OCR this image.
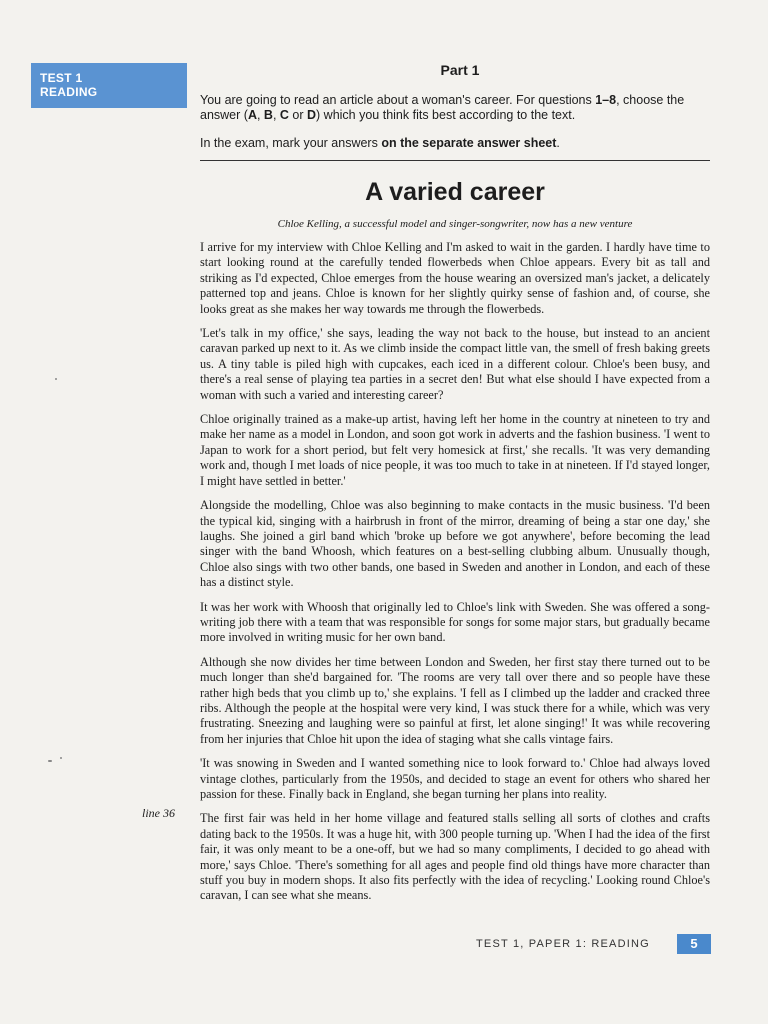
TEST 1
READING
Part 1
You are going to read an article about a woman's career. For questions 1–8, choose the answer (A, B, C or D) which you think fits best according to the text.
In the exam, mark your answers on the separate answer sheet.
A varied career
Chloe Kelling, a successful model and singer-songwriter, now has a new venture

I arrive for my interview with Chloe Kelling and I'm asked to wait in the garden. I hardly have time to start looking round at the carefully tended flowerbeds when Chloe appears. Every bit as tall and striking as I'd expected, Chloe emerges from the house wearing an oversized man's jacket, a delicately patterned top and jeans. Chloe is known for her slightly quirky sense of fashion and, of course, she looks great as she makes her way towards me through the flowerbeds.

'Let's talk in my office,' she says, leading the way not back to the house, but instead to an ancient caravan parked up next to it. As we climb inside the compact little van, the smell of fresh baking greets us. A tiny table is piled high with cupcakes, each iced in a different colour. Chloe's been busy, and there's a real sense of playing tea parties in a secret den! But what else should I have expected from a woman with such a varied and interesting career?

Chloe originally trained as a make-up artist, having left her home in the country at nineteen to try and make her name as a model in London, and soon got work in adverts and the fashion business. 'I went to Japan to work for a short period, but felt very homesick at first,' she recalls. 'It was very demanding work and, though I met loads of nice people, it was too much to take in at nineteen. If I'd stayed longer, I might have settled in better.'

Alongside the modelling, Chloe was also beginning to make contacts in the music business. 'I'd been the typical kid, singing with a hairbrush in front of the mirror, dreaming of being a star one day,' she laughs. She joined a girl band which 'broke up before we got anywhere', before becoming the lead singer with the band Whoosh, which features on a best-selling clubbing album. Unusually though, Chloe also sings with two other bands, one based in Sweden and another in London, and each of these has a distinct style.

It was her work with Whoosh that originally led to Chloe's link with Sweden. She was offered a song-writing job there with a team that was responsible for songs for some major stars, but gradually became more involved in writing music for her own band.

Although she now divides her time between London and Sweden, her first stay there turned out to be much longer than she'd bargained for. 'The rooms are very tall over there and so people have these rather high beds that you climb up to,' she explains. 'I fell as I climbed up the ladder and cracked three ribs. Although the people at the hospital were very kind, I was stuck there for a while, which was very frustrating. Sneezing and laughing were so painful at first, let alone singing!' It was while recovering from her injuries that Chloe hit upon the idea of staging what she calls vintage fairs.

'It was snowing in Sweden and I wanted something nice to look forward to.' Chloe had always loved vintage clothes, particularly from the 1950s, and decided to stage an event for others who shared her passion for these. Finally back in England, she began turning her plans into reality.

The first fair was held in her home village and featured stalls selling all sorts of clothes and crafts dating back to the 1950s. It was a huge hit, with 300 people turning up. 'When I had the idea of the first fair, it was only meant to be a one-off, but we had so many compliments, I decided to go ahead with more,' says Chloe. 'There's something for all ages and people find old things have more character than stuff you buy in modern shops. It also fits perfectly with the idea of recycling.' Looking round Chloe's caravan, I can see what she means.

line 36
TEST 1, PAPER 1: READING	5
